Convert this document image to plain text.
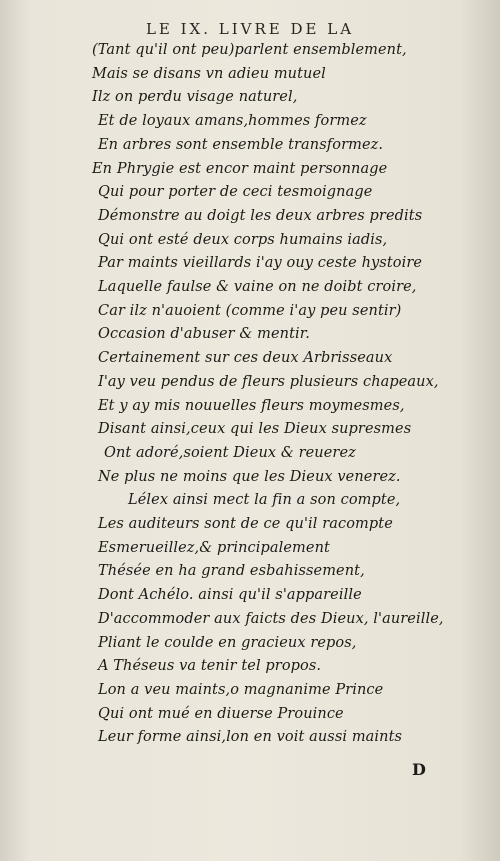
LE IX. LIVRE DE LA
(Tant qu'il ont peu)parlent ensemblement,
Mais se disans vn adieu mutuel
Ilz on perdu visage naturel,
Et de loyaux amans,hommes formez
En arbres sont ensemble transformez.
En Phrygie est encor maint personnage
Qui pour porter de ceci tesmoignage
Démonstre au doigt les deux arbres predits
Qui ont esté deux corps humains iadis,
Par maints vieillards i'ay ouy ceste hystoire
Laquelle faulse & vaine on ne doibt croire,
Car ilz n'auoient (comme i'ay peu sentir)
Occasion d'abuser & mentir.
Certainement sur ces deux Arbrisseaux
I'ay veu pendus de fleurs plusieurs chapeaux,
Et y ay mis nouuelles fleurs moymesmes,
Disant ainsi,ceux qui les Dieux supresmes
Ont adoré,soient Dieux & reuerez
Ne plus ne moins que les Dieux venerez.
Lélex ainsi mect la fin a son compte,
Les auditeurs sont de ce qu'il racompte
Esmerueillez,& principalement
Thésée en ha grand esbahissement,
Dont Achélo. ainsi qu'il s'appareille
D'accommoder aux faicts des Dieux, l'aureille,
Pliant le coulde en gracieux repos,
A Théseus va tenir tel propos.
Lon a veu maints,o magnanime Prince
Qui ont mué en diuerse Prouince
Leur forme ainsi,lon en voit aussi maints
D
